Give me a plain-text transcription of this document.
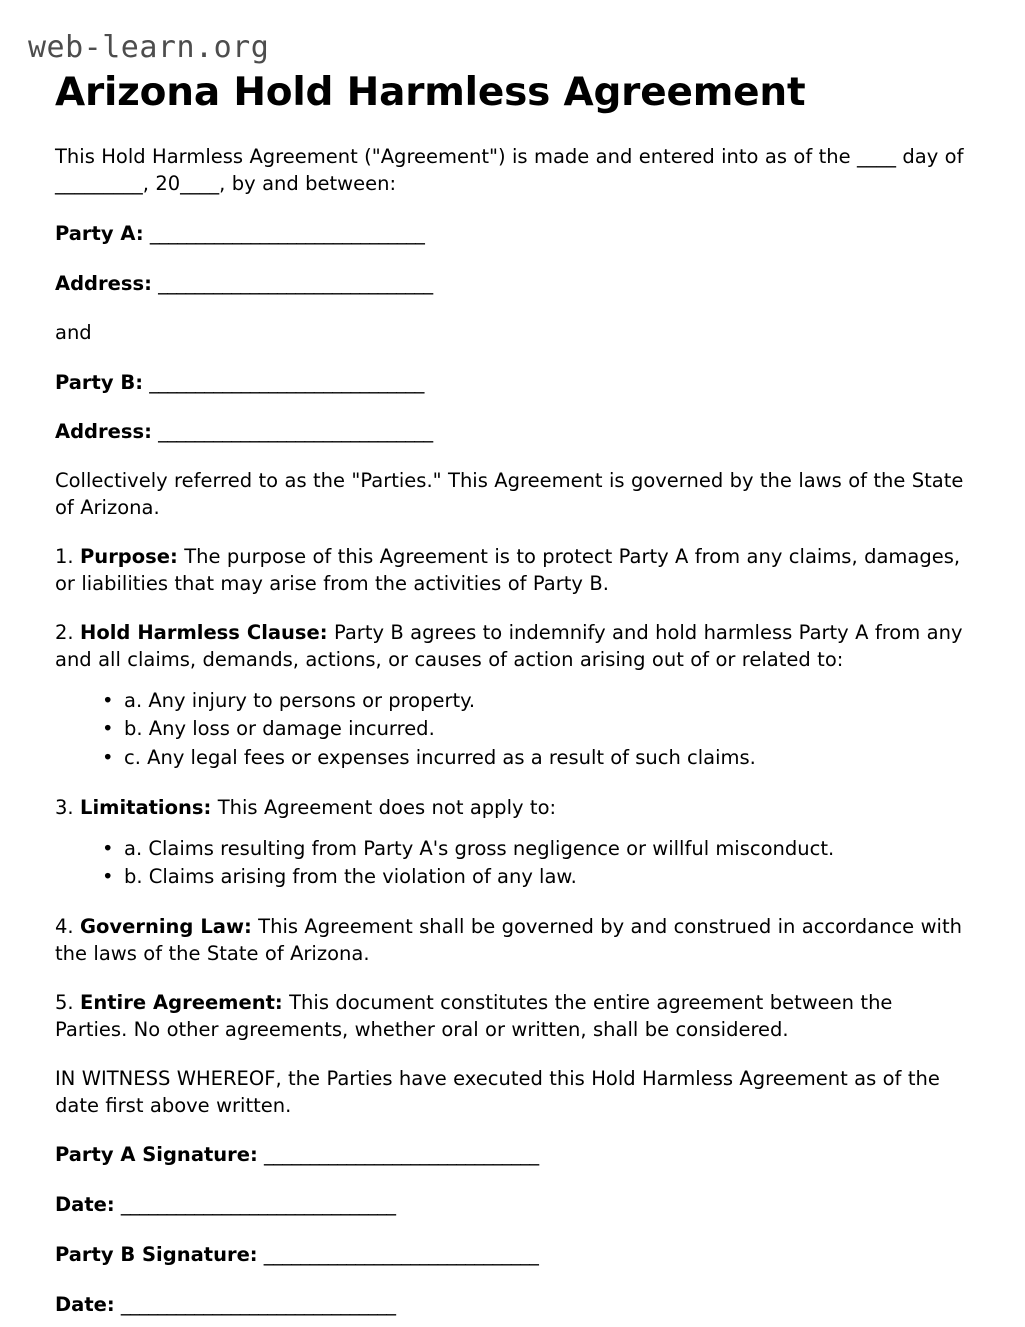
web-learn.org
Arizona Hold Harmless Agreement

This Hold Harmless Agreement ("Agreement") is made and entered into as of the ____ day of _________, 20____, by and between:

Party A: ______________________________

Address: ______________________________

and

Party B: ______________________________

Address: ______________________________

Collectively referred to as the "Parties." This Agreement is governed by the laws of the State of Arizona.

1. Purpose: The purpose of this Agreement is to protect Party A from any claims, damages, or liabilities that may arise from the activities of Party B.

2. Hold Harmless Clause: Party B agrees to indemnify and hold harmless Party A from any and all claims, demands, actions, or causes of action arising out of or related to:

• a. Any injury to persons or property.
• b. Any loss or damage incurred.
• c. Any legal fees or expenses incurred as a result of such claims.

3. Limitations: This Agreement does not apply to:

• a. Claims resulting from Party A's gross negligence or willful misconduct.
• b. Claims arising from the violation of any law.

4. Governing Law: This Agreement shall be governed by and construed in accordance with the laws of the State of Arizona.

5. Entire Agreement: This document constitutes the entire agreement between the Parties. No other agreements, whether oral or written, shall be considered.

IN WITNESS WHEREOF, the Parties have executed this Hold Harmless Agreement as of the date first above written.

Party A Signature: ______________________________

Date: ______________________________

Party B Signature: ______________________________

Date: ______________________________
